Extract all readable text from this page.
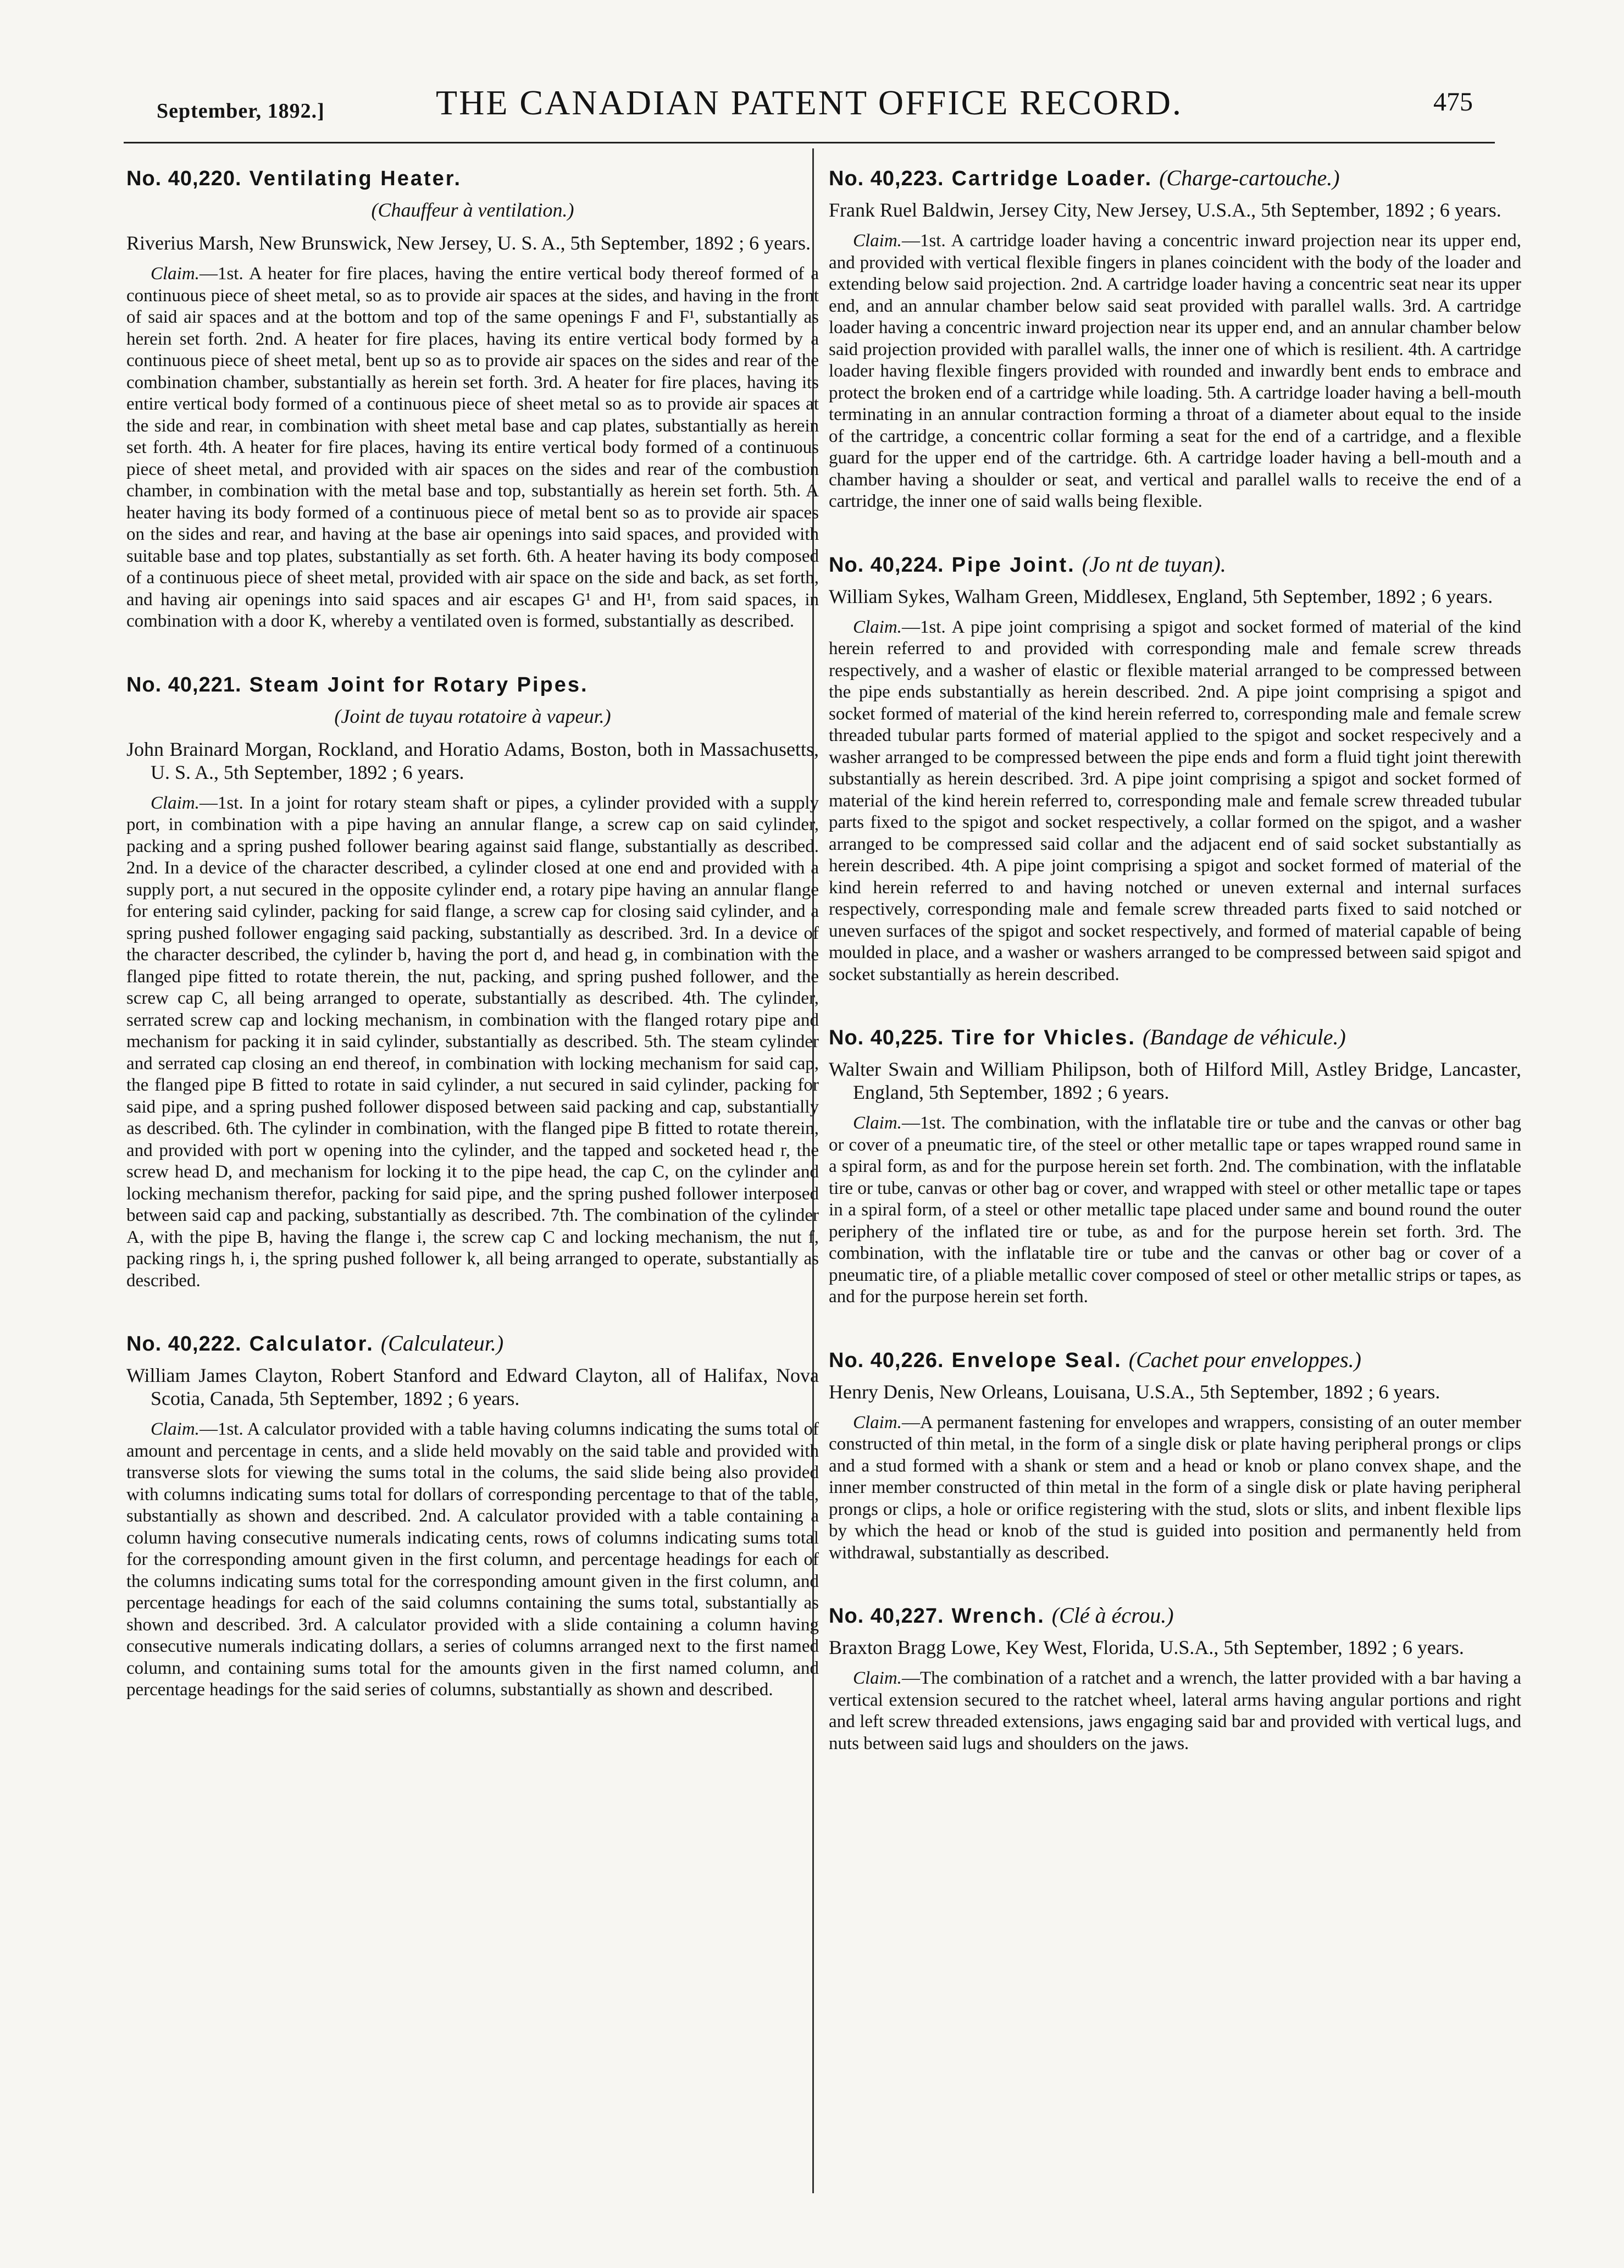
September, 1892.]	THE CANADIAN PATENT OFFICE RECORD.	475
No. 40,220. Ventilating Heater.
(Chauffeur à ventilation.)
Riverius Marsh, New Brunswick, New Jersey, U. S. A., 5th September, 1892 ; 6 years.

Claim.—1st. A heater for fire places, having the entire vertical body thereof formed of a continuous piece of sheet metal, so as to provide air spaces at the sides, and having in the front of said air spaces and at the bottom and top of the same openings F and F¹, substantially as herein set forth. 2nd. A heater for fire places, having its entire vertical body formed by a continuous piece of sheet metal, bent up so as to provide air spaces on the sides and rear of the combination chamber, substantially as herein set forth. 3rd. A heater for fire places, having its entire vertical body formed of a continuous piece of sheet metal so as to provide air spaces at the side and rear, in combination with sheet metal base and cap plates, substantially as herein set forth. 4th. A heater for fire places, having its entire vertical body formed of a continuous piece of sheet metal, and provided with air spaces on the sides and rear of the combustion chamber, in combination with the metal base and top, substantially as herein set forth. 5th. A heater having its body formed of a continuous piece of metal bent so as to provide air spaces on the sides and rear, and having at the base air openings into said spaces, and provided with suitable base and top plates, substantially as set forth. 6th. A heater having its body composed of a continuous piece of sheet metal, provided with air space on the side and back, as set forth, and having air openings into said spaces and air escapes G¹ and H¹, from said spaces, in combination with a door K, whereby a ventilated oven is formed, substantially as described.

No. 40,221. Steam Joint for Rotary Pipes.
(Joint de tuyau rotatoire à vapeur.)
John Brainard Morgan, Rockland, and Horatio Adams, Boston, both in Massachusetts, U. S. A., 5th September, 1892 ; 6 years.

Claim.—1st. In a joint for rotary steam shaft or pipes, a cylinder provided with a supply port, in combination with a pipe having an annular flange, a screw cap on said cylinder, packing and a spring pushed follower bearing against said flange, substantially as described. 2nd. In a device of the character described, a cylinder closed at one end and provided with a supply port, a nut secured in the opposite cylinder end, a rotary pipe having an annular flange for entering said cylinder, packing for said flange, a screw cap for closing said cylinder, and a spring pushed follower engaging said packing, substantially as described. 3rd. In a device of the character described, the cylinder b, having the port d, and head g, in combination with the flanged pipe fitted to rotate therein, the nut, packing, and spring pushed follower, and the screw cap C, all being arranged to operate, substantially as described. 4th. The cylinder, serrated screw cap and locking mechanism, in combination with the flanged rotary pipe and mechanism for packing it in said cylinder, substantially as described. 5th. The steam cylinder and serrated cap closing an end thereof, in combination with locking mechanism for said cap, the flanged pipe B fitted to rotate in said cylinder, a nut secured in said cylinder, packing for said pipe, and a spring pushed follower disposed between said packing and cap, substantially as described. 6th. The cylinder in combination, with the flanged pipe B fitted to rotate therein, and provided with port w opening into the cylinder, and the tapped and socketed head r, the screw head D, and mechanism for locking it to the pipe head, the cap C, on the cylinder and locking mechanism therefor, packing for said pipe, and the spring pushed follower interposed between said cap and packing, substantially as described. 7th. The combination of the cylinder A, with the pipe B, having the flange i, the screw cap C and locking mechanism, the nut f, packing rings h, i, the spring pushed follower k, all being arranged to operate, substantially as described.

No. 40,222. Calculator. (Calculateur.)
William James Clayton, Robert Stanford and Edward Clayton, all of Halifax, Nova Scotia, Canada, 5th September, 1892 ; 6 years.

Claim.—1st. A calculator provided with a table having columns indicating the sums total of amount and percentage in cents, and a slide held movably on the said table and provided with transverse slots for viewing the sums total in the colums, the said slide being also provided with columns indicating sums total for dollars of corresponding percentage to that of the table, substantially as shown and described. 2nd. A calculator provided with a table containing a column having consecutive numerals indicating cents, rows of columns indicating sums total for the corresponding amount given in the first column, and percentage headings for each of the columns indicating sums total for the corresponding amount given in the first column, and percentage headings for each of the said columns containing the sums total, substantially as shown and described. 3rd. A calculator provided with a slide containing a column having consecutive numerals indicating dollars, a series of columns arranged next to the first named column, and containing sums total for the amounts given in the first named column, and percentage headings for the said series of columns, substantially as shown and described.

No. 40,223. Cartridge Loader. (Charge-cartouche.)
Frank Ruel Baldwin, Jersey City, New Jersey, U.S.A., 5th September, 1892 ; 6 years.

Claim.—1st. A cartridge loader having a concentric inward projection near its upper end, and provided with vertical flexible fingers in planes coincident with the body of the loader and extending below said projection. 2nd. A cartridge loader having a concentric seat near its upper end, and an annular chamber below said seat provided with parallel walls. 3rd. A cartridge loader having a concentric inward projection near its upper end, and an annular chamber below said projection provided with parallel walls, the inner one of which is resilient. 4th. A cartridge loader having flexible fingers provided with rounded and inwardly bent ends to embrace and protect the broken end of a cartridge while loading. 5th. A cartridge loader having a bell-mouth terminating in an annular contraction forming a throat of a diameter about equal to the inside of the cartridge, a concentric collar forming a seat for the end of a cartridge, and a flexible guard for the upper end of the cartridge. 6th. A cartridge loader having a bell-mouth and a chamber having a shoulder or seat, and vertical and parallel walls to receive the end of a cartridge, the inner one of said walls being flexible.

No. 40,224. Pipe Joint. (Jo nt de tuyan).
William Sykes, Walham Green, Middlesex, England, 5th September, 1892 ; 6 years.

Claim.—1st. A pipe joint comprising a spigot and socket formed of material of the kind herein referred to and provided with corresponding male and female screw threads respectively, and a washer of elastic or flexible material arranged to be compressed between the pipe ends substantially as herein described. 2nd. A pipe joint comprising a spigot and socket formed of material of the kind herein referred to, corresponding male and female screw threaded tubular parts formed of material applied to the spigot and socket respecively and a washer arranged to be compressed between the pipe ends and form a fluid tight joint therewith substantially as herein described. 3rd. A pipe joint comprising a spigot and socket formed of material of the kind herein referred to, corresponding male and female screw threaded tubular parts fixed to the spigot and socket respectively, a collar formed on the spigot, and a washer arranged to be compressed said collar and the adjacent end of said socket substantially as herein described. 4th. A pipe joint comprising a spigot and socket formed of material of the kind herein referred to and having notched or uneven external and internal surfaces respectively, corresponding male and female screw threaded parts fixed to said notched or uneven surfaces of the spigot and socket respectively, and formed of material capable of being moulded in place, and a washer or washers arranged to be compressed between said spigot and socket substantially as herein described.

No. 40,225. Tire for Vhicles. (Bandage de véhicule.)
Walter Swain and William Philipson, both of Hilford Mill, Astley Bridge, Lancaster, England, 5th September, 1892 ; 6 years.

Claim.—1st. The combination, with the inflatable tire or tube and the canvas or other bag or cover of a pneumatic tire, of the steel or other metallic tape or tapes wrapped round same in a spiral form, as and for the purpose herein set forth. 2nd. The combination, with the inflatable tire or tube, canvas or other bag or cover, and wrapped with steel or other metallic tape or tapes in a spiral form, of a steel or other metallic tape placed under same and bound round the outer periphery of the inflated tire or tube, as and for the purpose herein set forth. 3rd. The combination, with the inflatable tire or tube and the canvas or other bag or cover of a pneumatic tire, of a pliable metallic cover composed of steel or other metallic strips or tapes, as and for the purpose herein set forth.

No. 40,226. Envelope Seal. (Cachet pour enveloppes.)
Henry Denis, New Orleans, Louisana, U.S.A., 5th September, 1892 ; 6 years.

Claim.—A permanent fastening for envelopes and wrappers, consisting of an outer member constructed of thin metal, in the form of a single disk or plate having peripheral prongs or clips and a stud formed with a shank or stem and a head or knob or plano convex shape, and the inner member constructed of thin metal in the form of a single disk or plate having peripheral prongs or clips, a hole or orifice registering with the stud, slots or slits, and inbent flexible lips by which the head or knob of the stud is guided into position and permanently held from withdrawal, substantially as described.

No. 40,227. Wrench. (Clé à écrou.)
Braxton Bragg Lowe, Key West, Florida, U.S.A., 5th September, 1892 ; 6 years.

Claim.—The combination of a ratchet and a wrench, the latter provided with a bar having a vertical extension secured to the ratchet wheel, lateral arms having angular portions and right and left screw threaded extensions, jaws engaging said bar and provided with vertical lugs, and nuts between said lugs and shoulders on the jaws.
